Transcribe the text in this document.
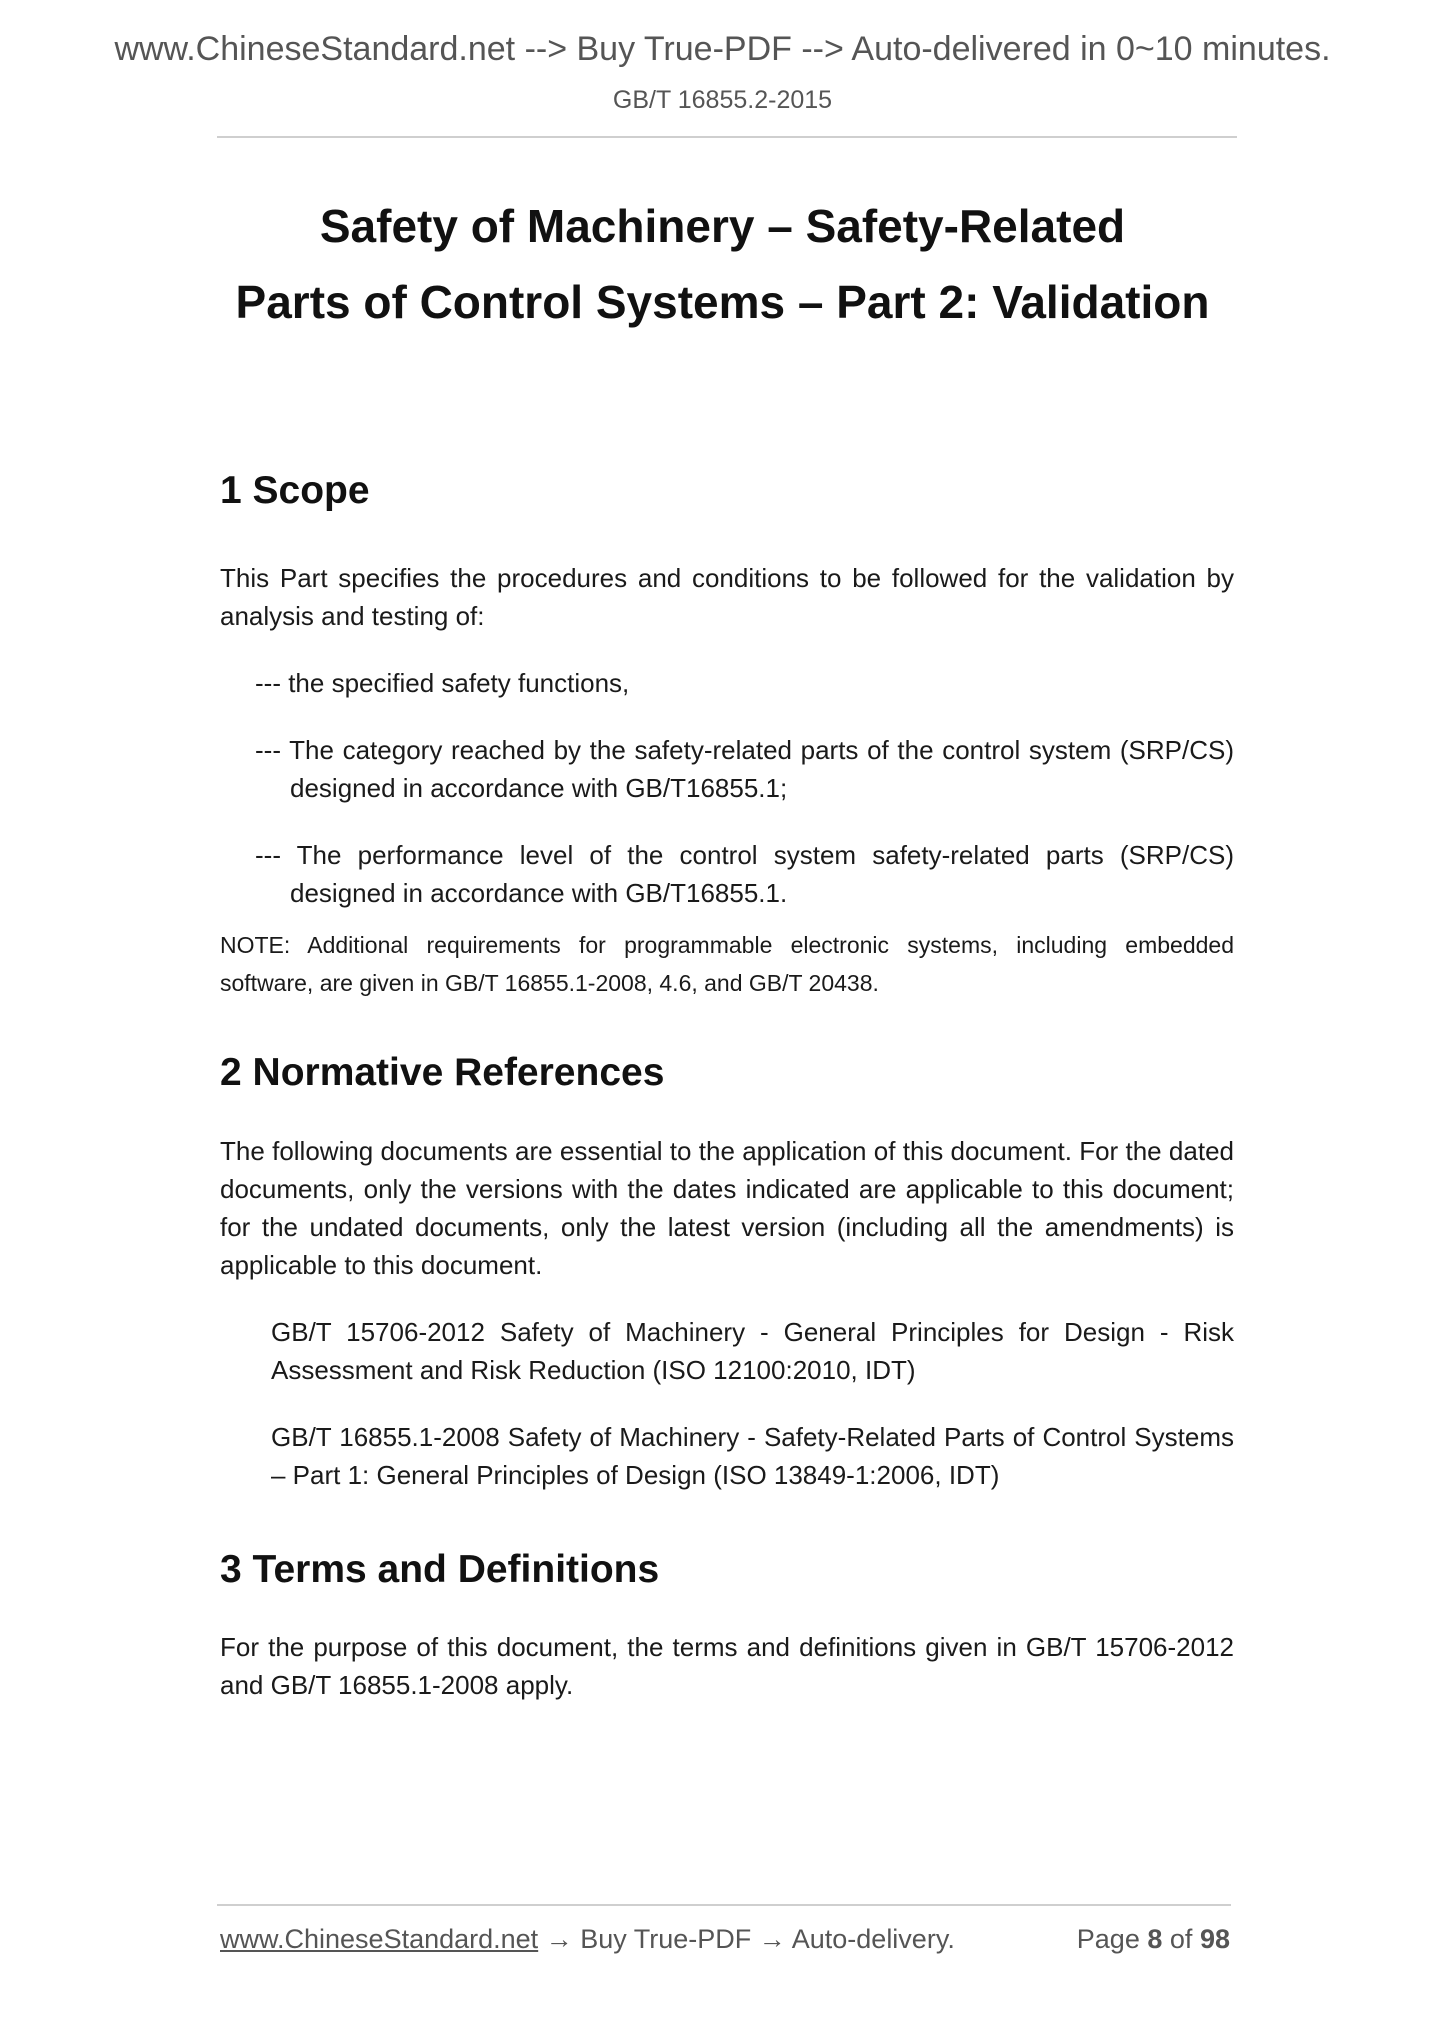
www.ChineseStandard.net --> Buy True-PDF --> Auto-delivered in 0~10 minutes.
GB/T 16855.2-2015
Safety of Machinery – Safety-Related
Parts of Control Systems – Part 2: Validation
1 Scope

This Part specifies the procedures and conditions to be followed for the validation by analysis and testing of:

--- the specified safety functions,

--- The category reached by the safety-related parts of the control system (SRP/CS) designed in accordance with GB/T16855.1;

--- The performance level of the control system safety-related parts (SRP/CS) designed in accordance with GB/T16855.1.

NOTE: Additional requirements for programmable electronic systems, including embedded software, are given in GB/T 16855.1-2008, 4.6, and GB/T 20438.

2 Normative References

The following documents are essential to the application of this document. For the dated documents, only the versions with the dates indicated are applicable to this document; for the undated documents, only the latest version (including all the amendments) is applicable to this document.

GB/T 15706-2012 Safety of Machinery - General Principles for Design - Risk Assessment and Risk Reduction (ISO 12100:2010, IDT)

GB/T 16855.1-2008 Safety of Machinery - Safety-Related Parts of Control Systems – Part 1: General Principles of Design (ISO 13849-1:2006, IDT)

3 Terms and Definitions

For the purpose of this document, the terms and definitions given in GB/T 15706-2012 and GB/T 16855.1-2008 apply.

www.ChineseStandard.net → Buy True-PDF → Auto-delivery.	Page 8 of 98
